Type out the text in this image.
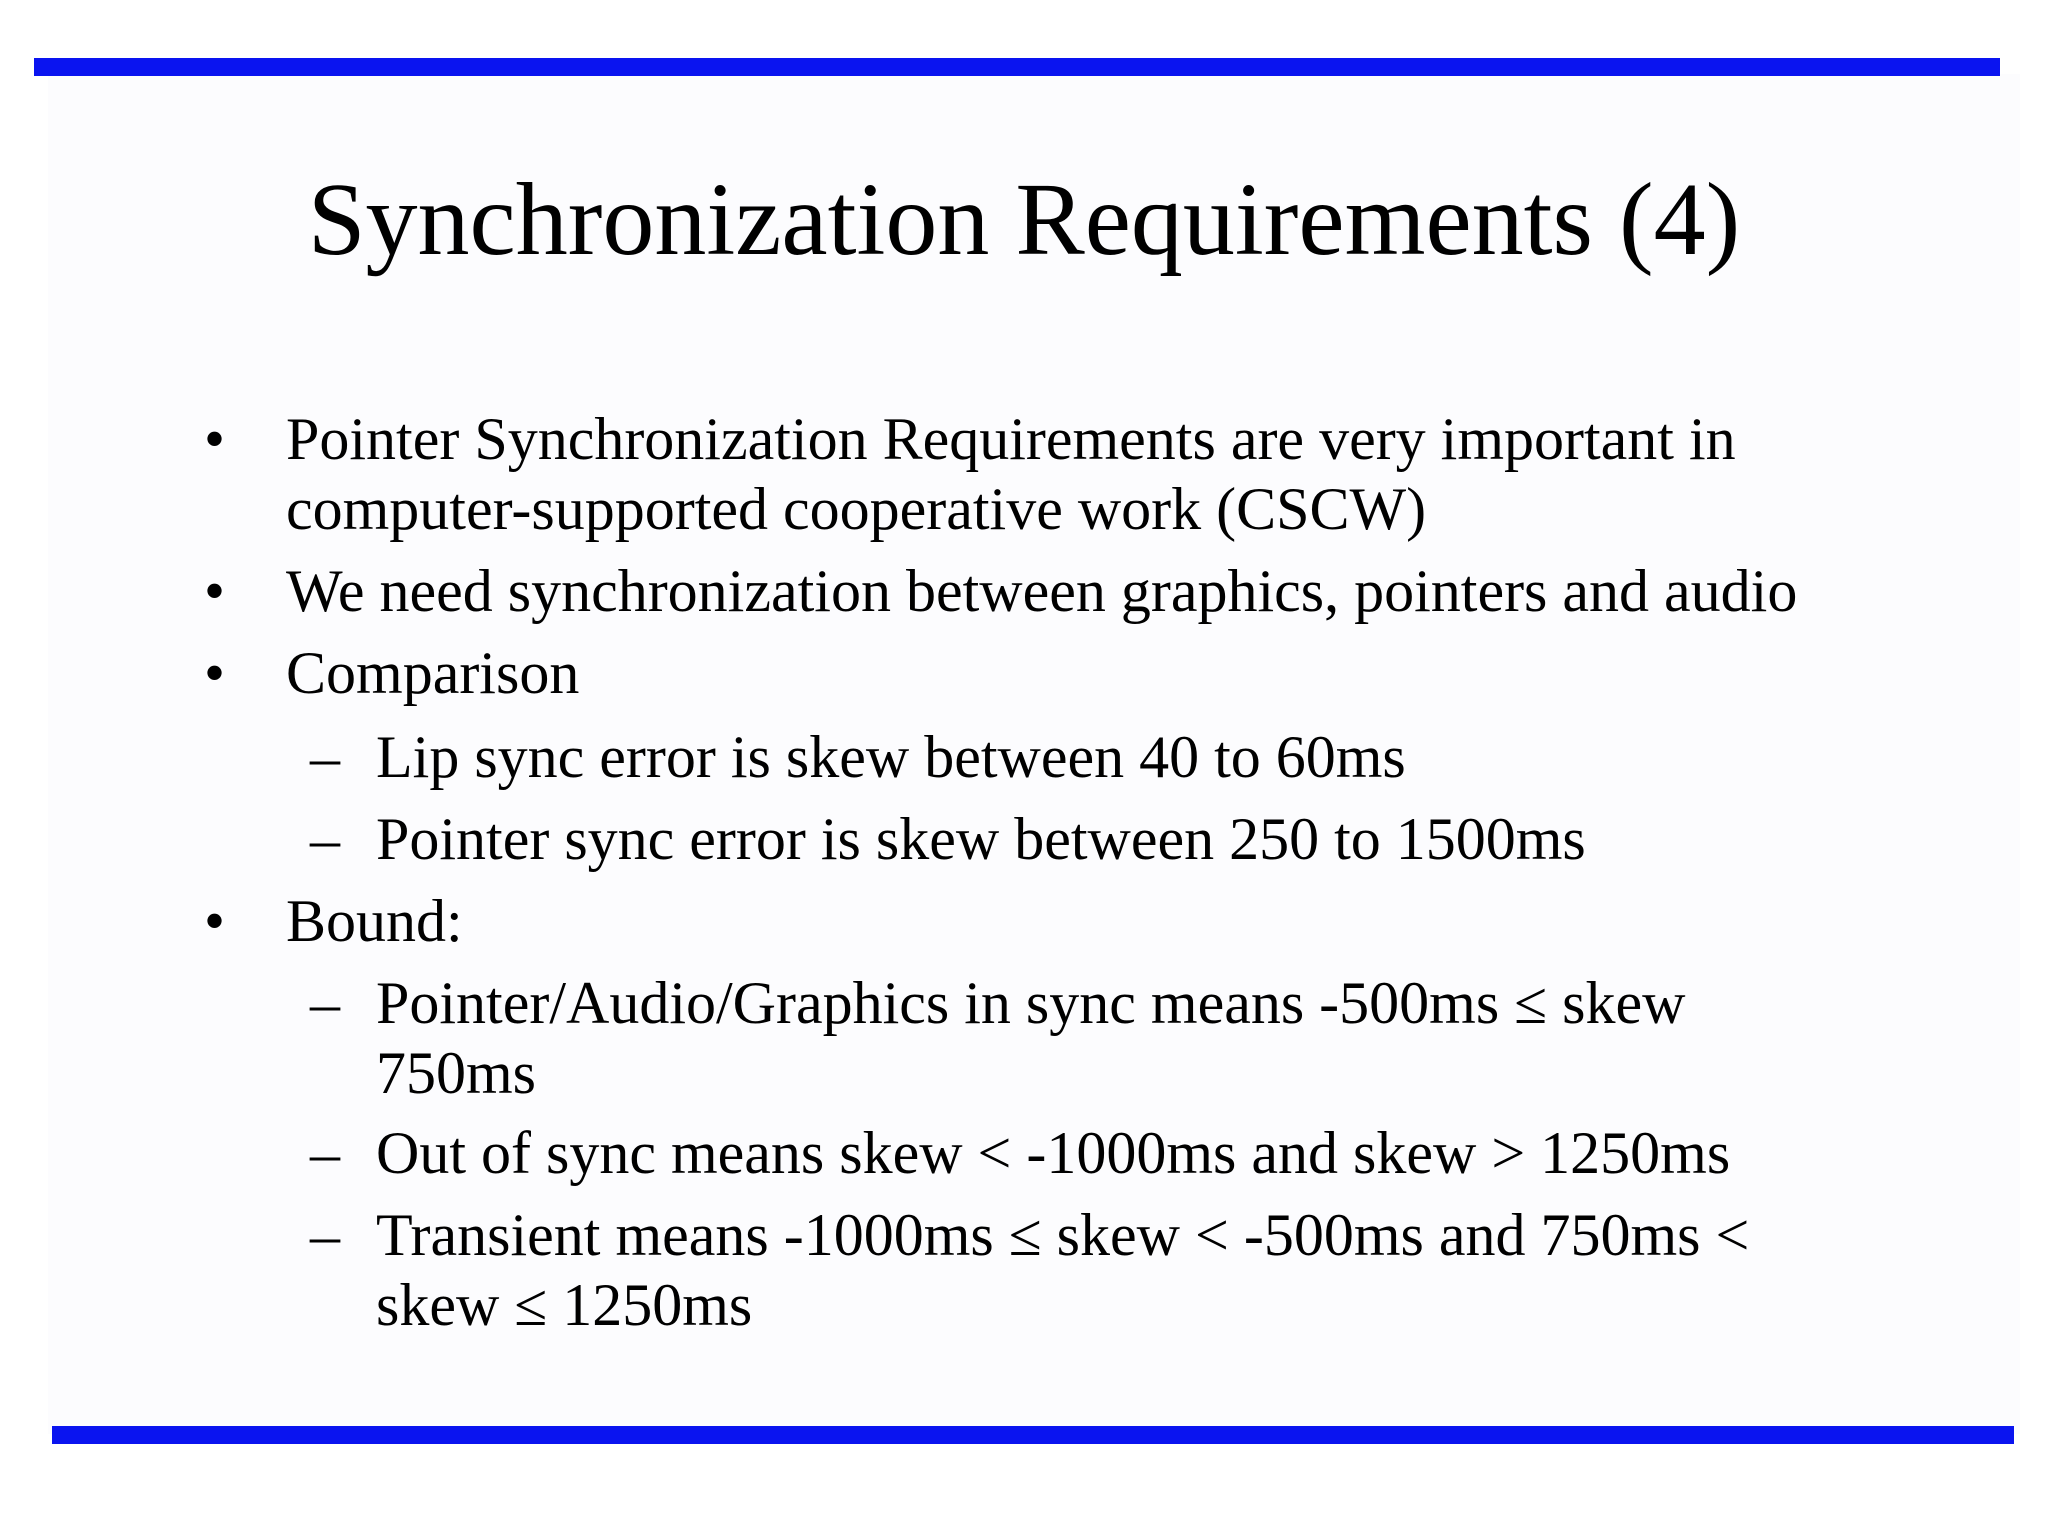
Synchronization Requirements (4)
• Pointer Synchronization Requirements are very important in
computer-supported cooperative work (CSCW)
• We need synchronization between graphics, pointers and audio
• Comparison
– Lip sync error is skew between 40 to 60ms
– Pointer sync error is skew between 250 to 1500ms
• Bound:
– Pointer/Audio/Graphics in sync means -500ms ≤ skew
750ms
– Out of sync means skew < -1000ms and skew > 1250ms
– Transient means -1000ms ≤ skew < -500ms and 750ms <
skew ≤ 1250ms
